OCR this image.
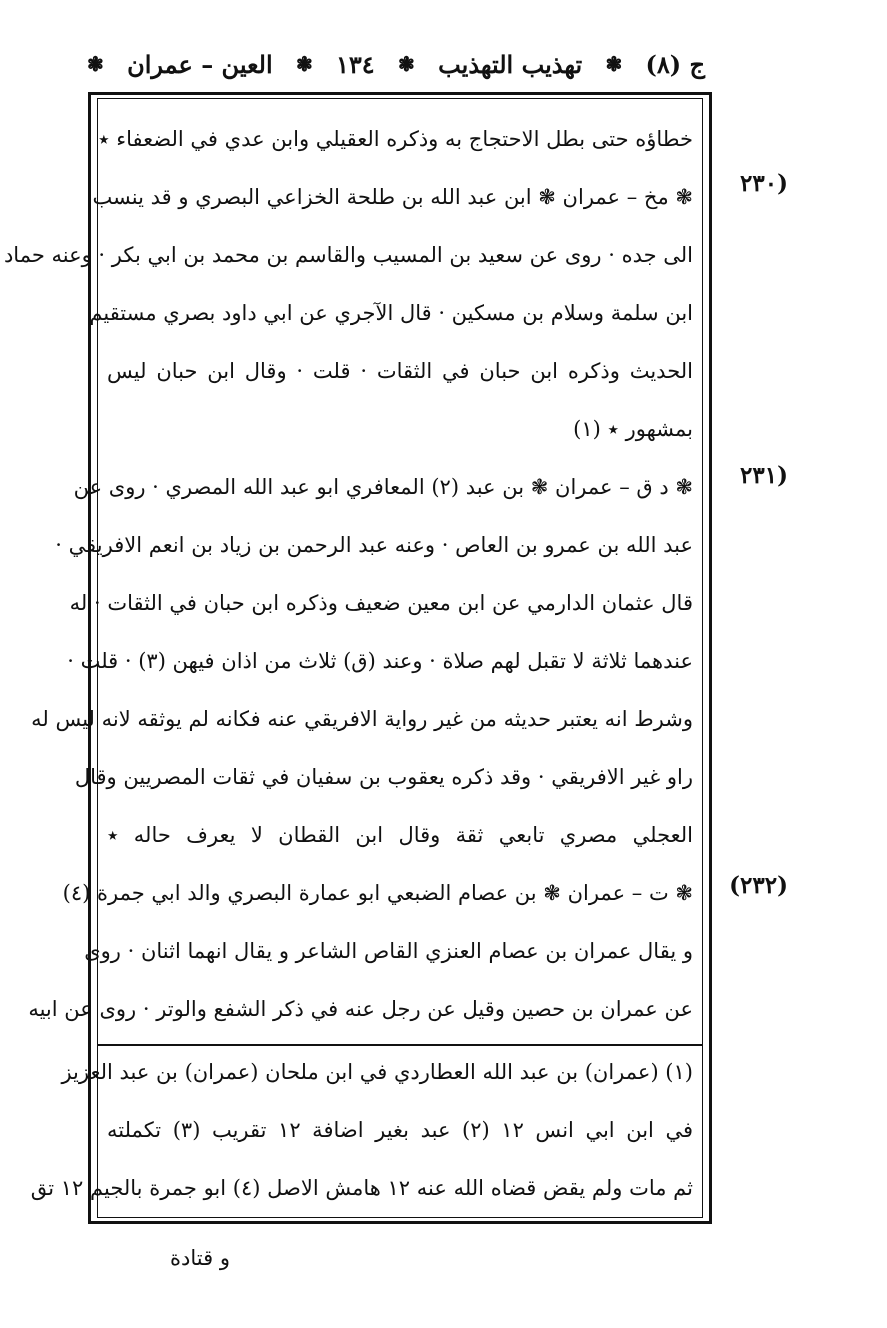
ج (٨)
❃
تهذيب التهذيب
❃
١٣٤
❃
العين – عمران
❃
(٢٣٠
(٢٣١
(٢٣٢)
خطاؤه حتى بطل الاحتجاج به وذكره العقيلي وابن عدي في الضعفاء ٭
❃ مخ – عمران ❃ ابن عبد الله بن طلحة الخزاعي البصري و قد ينسب
الى جده · روى عن سعيد بن المسيب والقاسم بن محمد بن ابي بكر · وعنه حماد
ابن سلمة وسلام بن مسكين · قال الآجري عن ابي داود بصري مستقيم
الحديث وذكره ابن حبان في الثقات · قلت · وقال ابن حبان ليس
بمشهور ٭ (١)
❃ د ق – عمران ❃ بن عبد (٢) المعافري ابو عبد الله المصري · روى عن
عبد الله بن عمرو بن العاص · وعنه عبد الرحمن بن زياد بن انعم الافريقي ·
قال عثمان الدارمي عن ابن معين ضعيف وذكره ابن حبان في الثقات · له
عندهما ثلاثة لا تقبل لهم صلاة · وعند (ق) ثلاث من اذان فيهن (٣) · قلت ·
وشرط انه يعتبر حديثه من غير رواية الافريقي عنه فكانه لم يوثقه لانه ليس له
راو غير الافريقي · وقد ذكره يعقوب بن سفيان في ثقات المصريين وقال
العجلي مصري تابعي ثقة وقال ابن القطان لا يعرف حاله ٭
❃ ت – عمران ❃ بن عصام الضبعي ابو عمارة البصري والد ابي جمرة (٤)
و يقال عمران بن عصام العنزي القاص الشاعر و يقال انهما اثنان · روى
عن عمران بن حصين وقيل عن رجل عنه في ذكر الشفع والوتر · روى عن ابيه
(١) (عمران) بن عبد الله العطاردي في ابن ملحان (عمران) بن عبد العزيز
في ابن ابي انس ١٢ (٢) عبد بغير اضافة ١٢ تقريب (٣) تكملته
ثم مات ولم يقض قضاه الله عنه ١٢ هامش الاصل (٤) ابو جمرة بالجيم ١٢ تق
و قتادة
